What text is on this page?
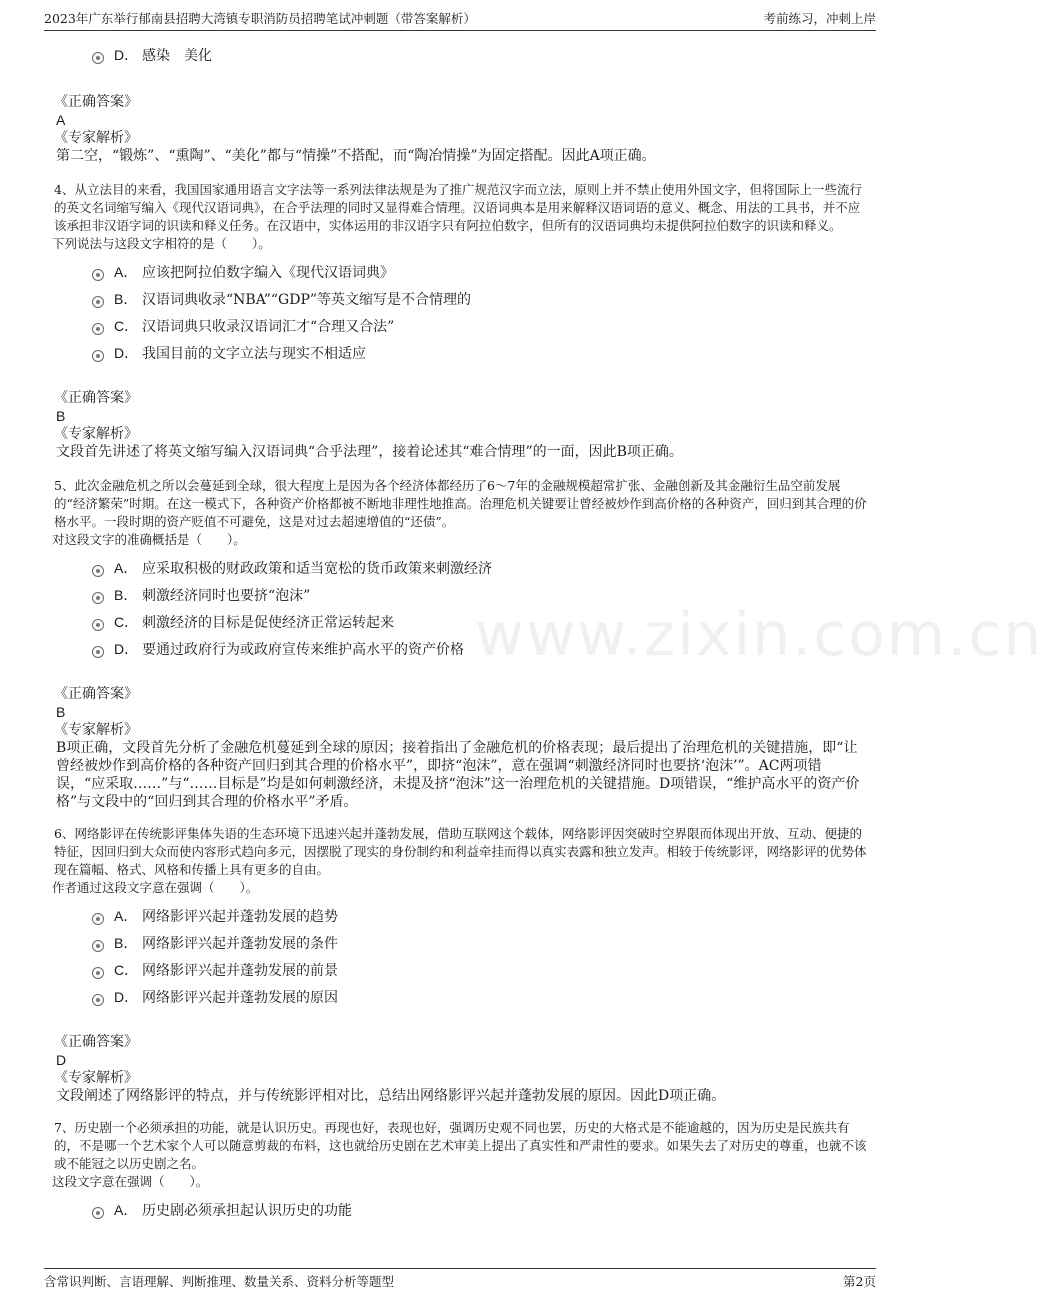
2023年广东举行郁南县招聘大湾镇专职消防员招聘笔试冲刺题（带答案解析）	考前练习，冲刺上岸
www.zixin.com.cn
D． 感染　美化
《正确答案》
A
《专家解析》
第二空，“锻炼”、“熏陶”、“美化”都与“情操”不搭配，而“陶冶情操”为固定搭配。因此A项正确。

4、从立法目的来看，我国国家通用语言文字法等一系列法律法规是为了推广规范汉字而立法，原则上并不禁止使用外国文字，但将国际上一些流行的英文名词缩写编入《现代汉语词典》，在合乎法理的同时又显得难合情理。汉语词典本是用来解释汉语词语的意义、概念、用法的工具书，并不应该承担非汉语字词的识读和释义任务。在汉语中，实体运用的非汉语字只有阿拉伯数字，但所有的汉语词典均未提供阿拉伯数字的识读和释义。
下列说法与这段文字相符的是（　　）。

A． 应该把阿拉伯数字编入《现代汉语词典》
B． 汉语词典收录“NBA”“GDP”等英文缩写是不合情理的
C． 汉语词典只收录汉语词汇才“合理又合法”
D． 我国目前的文字立法与现实不相适应
《正确答案》
B
《专家解析》
文段首先讲述了将英文缩写编入汉语词典“合乎法理”，接着论述其“难合情理”的一面，因此B项正确。

5、此次金融危机之所以会蔓延到全球，很大程度上是因为各个经济体都经历了6～7年的金融规模超常扩张、金融创新及其金融衍生品空前发展的“经济繁荣”时期。在这一模式下，各种资产价格都被不断地非理性地推高。治理危机关键要让曾经被炒作到高价格的各种资产，回归到其合理的价格水平。一段时期的资产贬值不可避免，这是对过去超速增值的“还债”。
对这段文字的准确概括是（　　）。

A． 应采取积极的财政政策和适当宽松的货币政策来刺激经济
B． 刺激经济同时也要挤“泡沫”
C． 刺激经济的目标是促使经济正常运转起来
D． 要通过政府行为或政府宣传来维护高水平的资产价格
《正确答案》
B
《专家解析》
B项正确，文段首先分析了金融危机蔓延到全球的原因；接着指出了金融危机的价格表现；最后提出了治理危机的关键措施，即“让曾经被炒作到高价格的各种资产回归到其合理的价格水平”，即挤“泡沫”，意在强调“刺激经济同时也要挤‘泡沫’”。AC两项错误，“应采取……”与“……目标是”均是如何刺激经济，未提及挤“泡沫”这一治理危机的关键措施。D项错误，“维护高水平的资产价格”与文段中的“回归到其合理的价格水平”矛盾。

6、网络影评在传统影评集体失语的生态环境下迅速兴起并蓬勃发展，借助互联网这个载体，网络影评因突破时空界限而体现出开放、互动、便捷的特征，因回归到大众而使内容形式趋向多元，因摆脱了现实的身份制约和利益牵挂而得以真实表露和独立发声。相较于传统影评，网络影评的优势体现在篇幅、格式、风格和传播上具有更多的自由。
作者通过这段文字意在强调（　　）。

A． 网络影评兴起并蓬勃发展的趋势
B． 网络影评兴起并蓬勃发展的条件
C． 网络影评兴起并蓬勃发展的前景
D． 网络影评兴起并蓬勃发展的原因
《正确答案》
D
《专家解析》
文段阐述了网络影评的特点，并与传统影评相对比，总结出网络影评兴起并蓬勃发展的原因。因此D项正确。

7、历史剧一个必须承担的功能，就是认识历史。再现也好，表现也好，强调历史观不同也罢，历史的大格式是不能逾越的，因为历史是民族共有的，不是哪一个艺术家个人可以随意剪裁的布料，这也就给历史剧在艺术审美上提出了真实性和严肃性的要求。如果失去了对历史的尊重，也就不该或不能冠之以历史剧之名。
这段文字意在强调（　　）。

A． 历史剧必须承担起认识历史的功能
含常识判断、言语理解、判断推理、数量关系、资料分析等题型	第2页
